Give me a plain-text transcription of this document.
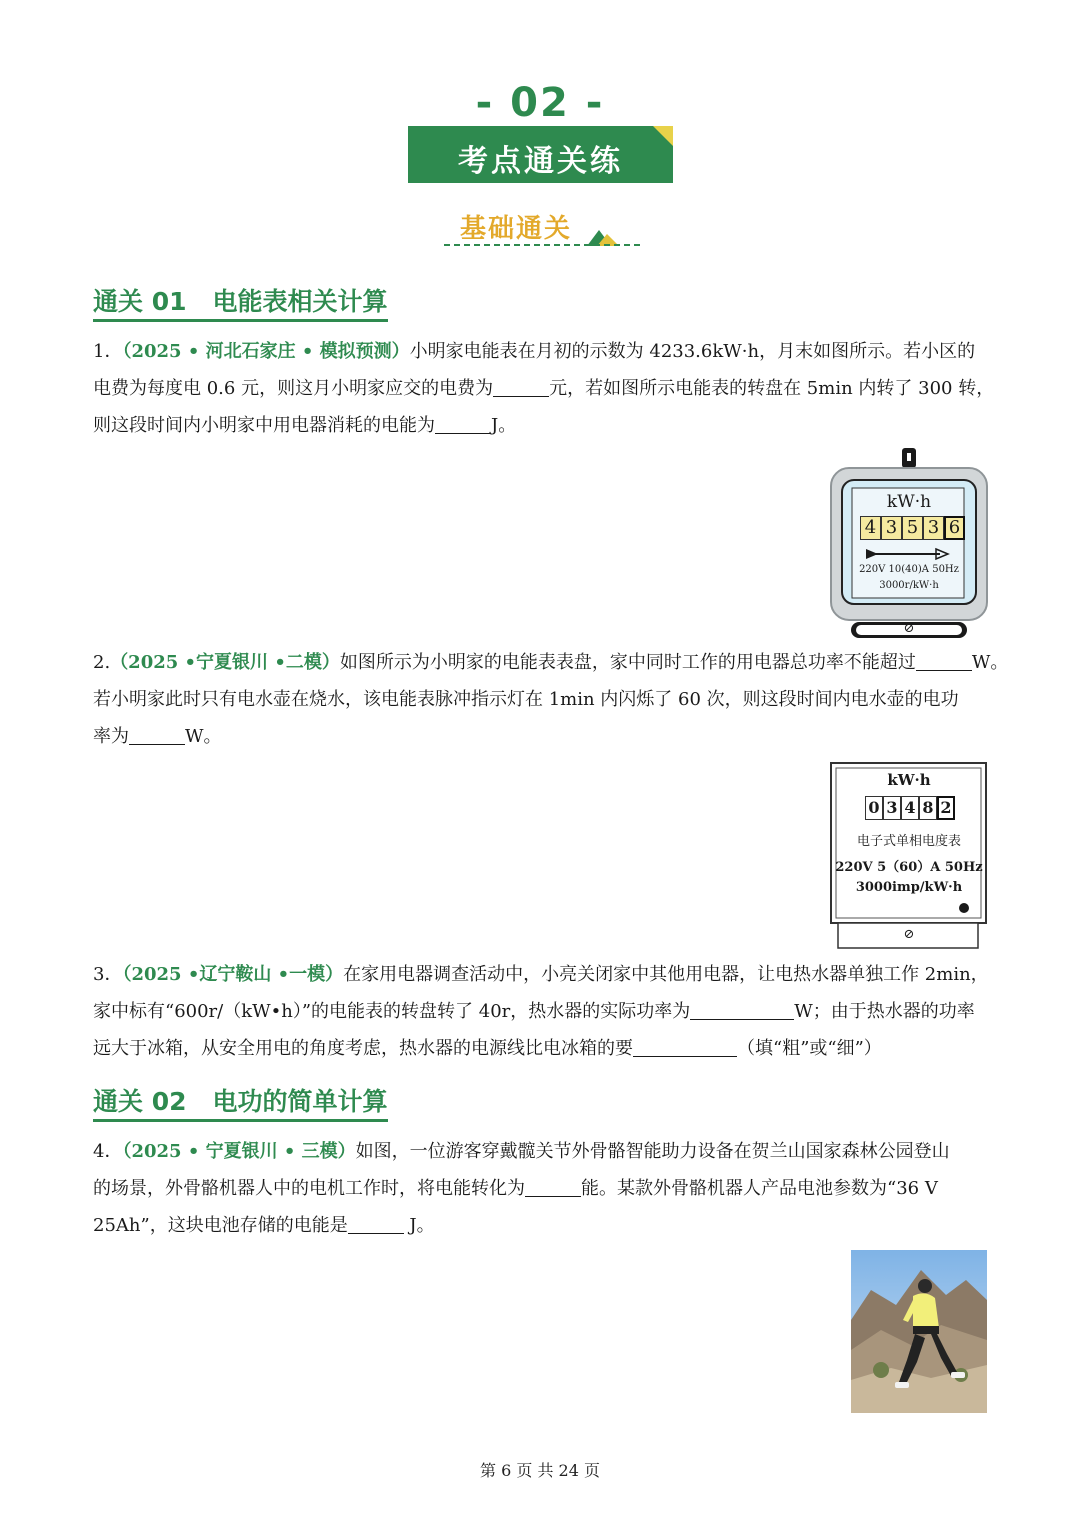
- 02 -
考点通关练
基础通关
通关 01 电能表相关计算

1．（2025 • 河北石家庄 • 模拟预测）小明家电能表在月初的示数为 4233.6kW·h，月末如图所示。若小区的

电费为每度电 0.6 元，则这月小明家应交的电费为	元，若如图所示电能表的转盘在 5min 内转了 300 转，

则这段时间内小明家中用电器消耗的电能为	J。

kW·h
4 3 5 3 6
220V 10(40)A 50Hz
3000r/kW·h
⊘

2.（2025 •宁夏银川 •二模）如图所示为小明家的电能表表盘，家中同时工作的用电器总功率不能超过	W。

若小明家此时只有电水壶在烧水，该电能表脉冲指示灯在 1min 内闪烁了 60 次，则这段时间内电水壶的电功

率为	W。

kW·h
0 3 4 8 2
电子式单相电度表
220V 5（60）A 50Hz
3000imp/kW·h
⊘

3．（2025 •辽宁鞍山 •一模）在家用电器调查活动中，小亮关闭家中其他用电器，让电热水器单独工作 2min，

家中标有“600r/（kW•h）”的电能表的转盘转了 40r，热水器的实际功率为	W；由于热水器的功率

远大于冰箱，从安全用电的角度考虑，热水器的电源线比电冰箱的要	（填“粗”或“细”）

通关 02 电功的简单计算

4．（2025 • 宁夏银川 • 三模）如图，一位游客穿戴髋关节外骨骼智能助力设备在贺兰山国家森林公园登山

的场景，外骨骼机器人中的电机工作时，将电能转化为	能。某款外骨骼机器人产品电池参数为“36 V

25Ah”，这块电池存储的电能是	J。

第 6 页 共 24 页
